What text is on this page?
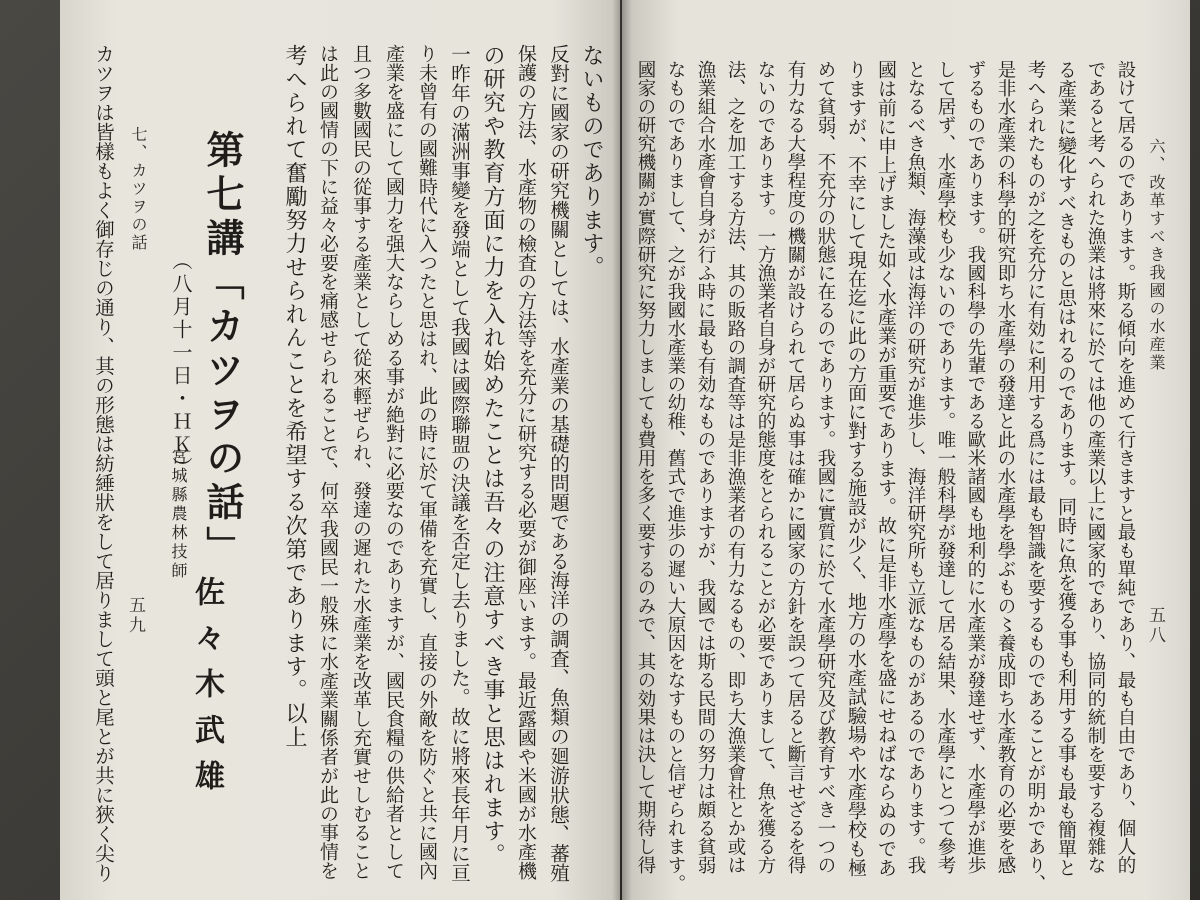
ないものであります。
反對に國家の研究機關としては、水產業の基礎的問題である海洋の調査、魚類の廻游狀態、蕃殖
保護の方法、水產物の檢査の方法等を充分に研究する必要が御座います。最近露國や米國が水產機
の研究や教育方面に力を入れ始めたことは吾々の注意すべき事と思はれます。
一昨年の滿洲事變を發端として我國は國際聯盟の決議を否定し去りました。故に將來長年月に亘
り未曾有の國難時代に入つたと思はれ、此の時に於て軍備を充實し、直接の外敵を防ぐと共に國內
產業を盛にして國力を强大ならしめる事が絶對に必要なのでありますが、國民食糧の供給者として
且つ多數國民の從事する產業として從來輕ぜられ、發達の遲れた水產業を改革し充實せしむること
は此の國情の下に益々必要を痛感せられることで、何卒我國民一般殊に水產業關係者が此の事情を
考へられて奮勵努力せられんことを希望する次第であります。以上
第七講「カツヲの話」
（八月十一日・ＨＫ）
宮城縣農林技師
佐々木武雄
七、カツヲの話
五九
カツヲは皆樣もよく御存じの通り、其の形態は紡綞狀をして居りまして頭と尾とが共に狹く尖り	六、改革すべき我國の水産業
五八
設けて居るのであります。斯る傾向を進めて行きますと最も單純であり、最も自由であり、個人的
であると考へられた漁業は將來に於ては他の產業以上に國家的であり、協同的統制を要する複雜な
る產業に變化すべきものと思はれるのであります。同時に魚を獲る事も利用する事も最も簡單と
考へられたものが之を充分に有効に利用する爲には最も智識を要するものであることが明かであり、
是非水產業の科學的研究即ち水產學の發達と此の水產學を學ぶもの〻養成即ち水產教育の必要を感
ずるものであります。我國科學の先輩である歐米諸國も地利的に水產業が發達せず、水產學が進歩
して居ず、水產學校も少ないのであります。唯一般科學が發達して居る結果、水產學にとつて參考
となるべき魚類、海藻或は海洋の研究が進歩し、海洋研究所も立派なものがあるのであります。我
國は前に申上げました如く水產業が重要であります。故に是非水產學を盛にせねばならぬのであ
りますが、不幸にして現在迄に此の方面に對する施設が少く、地方の水產試驗場や水產學校も極
めて貧弱、不充分の狀態に在るのであります。我國に實質に於て水產學研究及び教育すべき一つの
有力なる大學程度の機關が設けられて居らぬ事は確かに國家の方針を誤つて居ると斷言せざるを得
ないのであります。一方漁業者自身が研究的態度をとられることが必要でありまして、魚を獲る方
法、之を加工する方法、其の販路の調査等は是非漁業者の有力なるもの、即ち大漁業會社とか或は
漁業組合水產會自身が行ふ時に最も有効なものでありますが、我國では斯る民間の努力は頗る貧弱
なものでありまして、之が我國水產業の幼稚、舊式で進歩の遲い大原因をなすものと信ぜられます。
國家の研究機關が實際研究に努力しましても費用を多く要するのみで、其の効果は決して期待し得
